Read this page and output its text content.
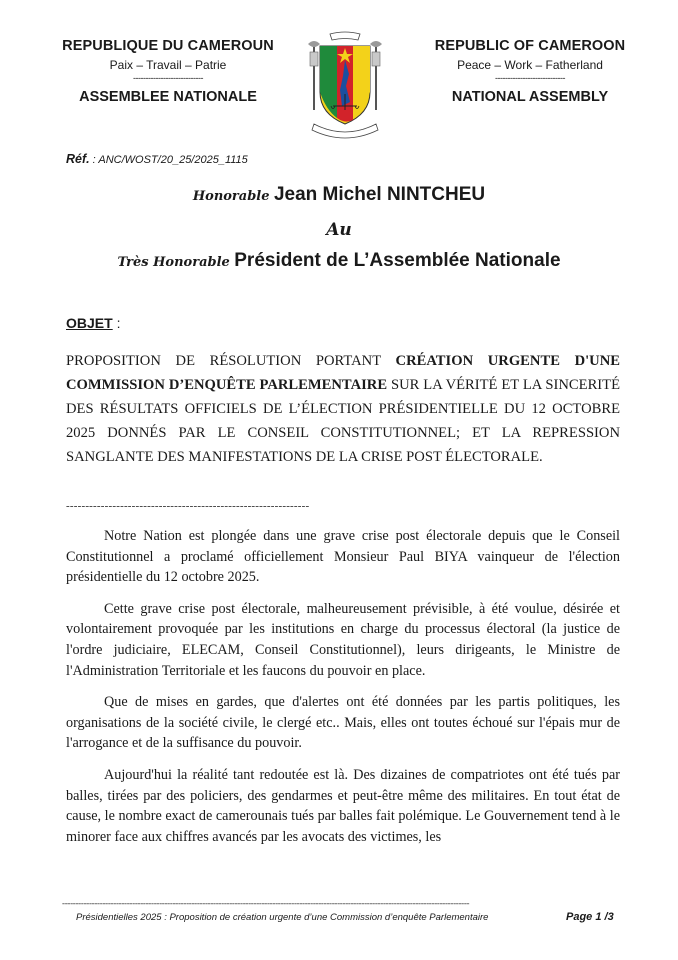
REPUBLIQUE DU CAMEROUN
Paix – Travail – Patrie
----------------------------
ASSEMBLEE NATIONALE
REPUBLIC OF CAMEROON
Peace – Work – Fatherland
----------------------------
NATIONAL ASSEMBLY
Réf. : ANC/WOST/20_25/2025_1115
Honorable Jean Michel NINTCHEU
Au
Très Honorable Président de L’Assemblée Nationale
OBJET :
PROPOSITION DE RÉSOLUTION PORTANT CRÉATION URGENTE D'UNE COMMISSION D’ENQUÊTE PARLEMENTAIRE SUR LA VÉRITÉ ET LA SINCERITÉ DES RÉSULTATS OFFICIELS DE L’ÉLECTION PRÉSIDENTIELLE DU 12 OCTOBRE 2025 DONNÉS PAR LE CONSEIL CONSTITUTIONNEL; ET LA REPRESSION SANGLANTE DES MANIFESTATIONS DE LA CRISE POST ÉLECTORALE.
---------------------------------------------------------------

Notre Nation est plongée dans une grave crise post électorale depuis que le Conseil Constitutionnel a proclamé officiellement Monsieur Paul BIYA vainqueur de l'élection présidentielle du 12 octobre 2025.

Cette grave crise post électorale, malheureusement prévisible, à été voulue, désirée et volontairement provoquée par les institutions en charge du processus électoral (la justice de l'ordre judiciaire, ELECAM, Conseil Constitutionnel), leurs dirigeants, le Ministre de l'Administration Territoriale et les faucons du pouvoir en place.

Que de mises en gardes, que d'alertes ont été données par les partis politiques, les organisations de la société civile, le clergé etc.. Mais, elles ont toutes échoué sur l'épais mur de l'arrogance et de la suffisance du pouvoir.

Aujourd'hui la réalité tant redoutée est là. Des dizaines de compatriotes ont été tués par balles, tirées par des policiers, des gendarmes et peut-être même des militaires. En tout état de cause, le nombre exact de camerounais tués par balles fait polémique. Le Gouvernement tend à le minorer face aux chiffres avancés par les avocats des victimes, les

-------------------------------------------------------------------------------------------------------------------------------------------------------
Présidentielles 2025 : Proposition de création urgente d’une Commission d’enquête Parlementaire	Page 1 /3
